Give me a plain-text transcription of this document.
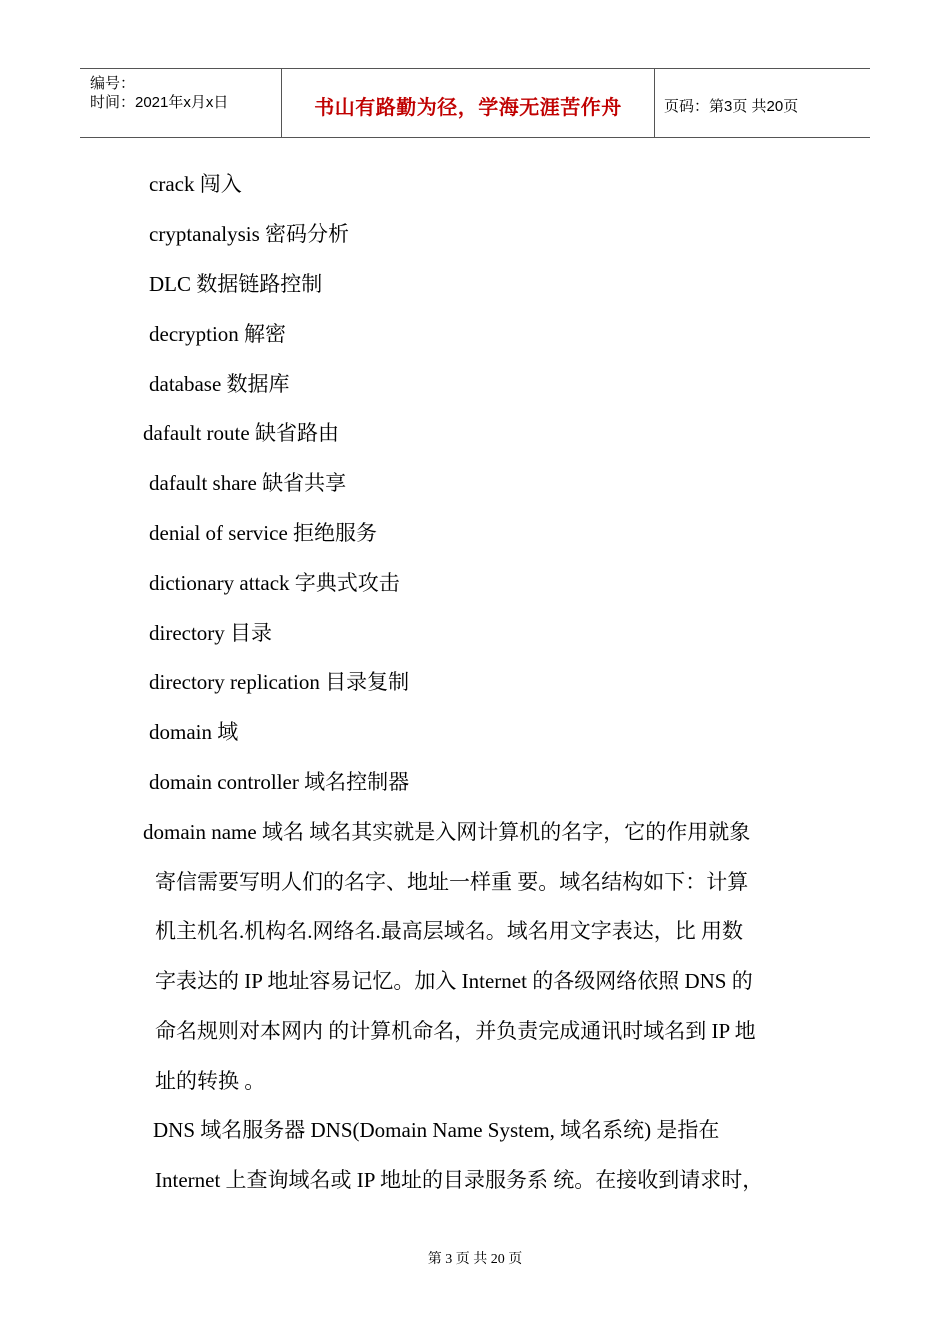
编号：
时间：2021年x月x日	书山有路勤为径，学海无涯苦作舟	页码：第3页 共20页
crack 闯入
cryptanalysis 密码分析
DLC 数据链路控制
decryption 解密
database 数据库
dafault route 缺省路由
dafault share 缺省共享
denial of service 拒绝服务
dictionary attack 字典式攻击
directory 目录
directory replication 目录复制
domain 域
domain controller 域名控制器
domain name 域名 域名其实就是入网计算机的名字，它的作用就象
寄信需要写明人们的名字、地址一样重 要。域名结构如下：计算
机主机名.机构名.网络名.最高层域名。域名用文字表达，比 用数
字表达的 IP 地址容易记忆。加入 Internet 的各级网络依照 DNS 的
命名规则对本网内 的计算机命名，并负责完成通讯时域名到 IP 地
址的转换 。
DNS 域名服务器 DNS(Domain Name System, 域名系统) 是指在
Internet 上查询域名或 IP 地址的目录服务系 统。在接收到请求时，
第 3 页 共 20 页
